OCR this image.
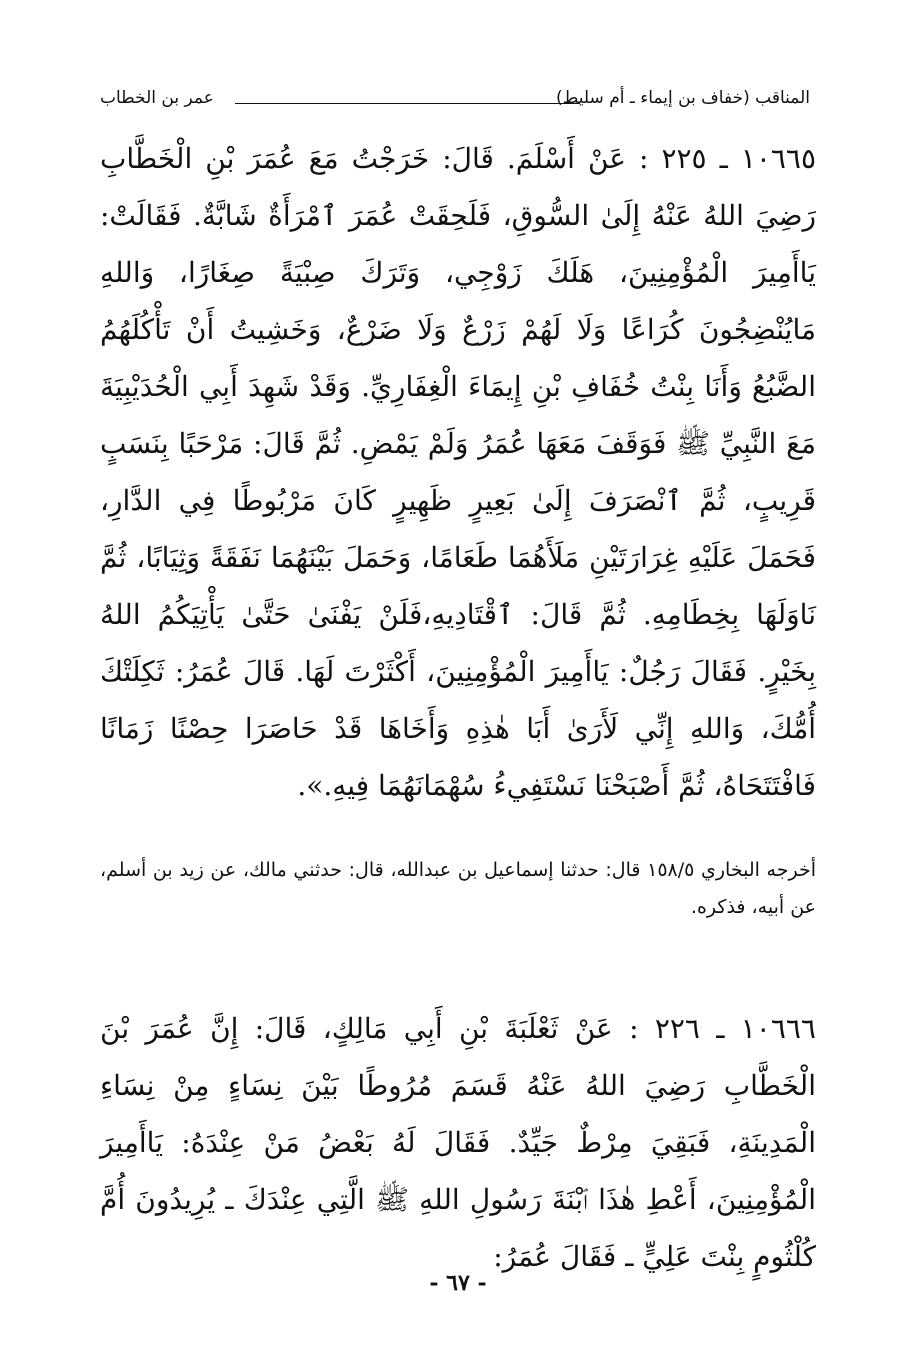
المناقب (خفاف بن إيماء ـ أم سليط)
عمر بن الخطاب
١٠٦٦٥ ـ ٢٢٥ : عَنْ أَسْلَمَ. قَالَ: خَرَجْتُ مَعَ عُمَرَ بْنِ الْخَطَّابِ رَضِيَ اللهُ عَنْهُ إِلَىٰ السُّوقِ، فَلَحِقَتْ عُمَرَ ٱمْرَأَةٌ شَابَّةٌ. فَقَالَتْ: يَاأَمِيرَ الْمُؤْمِنِينَ، هَلَكَ زَوْجِي، وَتَرَكَ صِبْيَةً صِغَارًا، وَاللهِ مَايُنْضِجُونَ كُرَاعًا وَلَا لَهُمْ زَرْعٌ وَلَا ضَرْعٌ، وَخَشِيتُ أَنْ تَأْكُلَهُمُ الضَّبُعُ وَأَنَا بِنْتُ خُفَافِ بْنِ إِيمَاءَ الْغِفَارِيِّ. وَقَدْ شَهِدَ أَبِي الْحُدَيْبِيَةَ مَعَ النَّبِيِّ ﷺ فَوَقَفَ مَعَهَا عُمَرُ وَلَمْ يَمْضِ. ثُمَّ قَالَ: مَرْحَبًا بِنَسَبٍ قَرِيبٍ، ثُمَّ ٱنْصَرَفَ إِلَىٰ بَعِيرٍ ظَهِيرٍ كَانَ مَرْبُوطًا فِي الدَّارِ، فَحَمَلَ عَلَيْهِ غِرَارَتَيْنِ مَلَأَهُمَا طَعَامًا، وَحَمَلَ بَيْنَهُمَا نَفَقَةً وَثِيَابًا، ثُمَّ نَاوَلَهَا بِخِطَامِهِ. ثُمَّ قَالَ: ٱقْتَادِيهِ،فَلَنْ يَفْنَىٰ حَتَّىٰ يَأْتِيَكُمُ اللهُ بِخَيْرٍ. فَقَالَ رَجُلٌ: يَاأَمِيرَ الْمُؤْمِنِينَ، أَكْثَرْتَ لَهَا. قَالَ عُمَرُ: ثَكِلَتْكَ أُمُّكَ، وَاللهِ إِنِّي لَأَرَىٰ أَبَا هٰذِهِ وَأَخَاهَا قَدْ حَاصَرَا حِصْنًا زَمَانًا فَافْتَتَحَاهُ، ثُمَّ أَصْبَحْنَا نَسْتَفِيءُ سُهْمَانَهُمَا فِيهِ.».
أخرجه البخاري ١٥٨/٥ قال: حدثنا إسماعيل بن عبدالله، قال: حدثني مالك، عن زيد بن أسلم، عن أبيه، فذكره.
١٠٦٦٦ ـ ٢٢٦ : عَنْ ثَعْلَبَةَ بْنِ أَبِي مَالِكٍ، قَالَ: إِنَّ عُمَرَ بْنَ الْخَطَّابِ رَضِيَ اللهُ عَنْهُ قَسَمَ مُرُوطًا بَيْنَ نِسَاءٍ مِنْ نِسَاءِ الْمَدِينَةِ، فَبَقِيَ مِرْطٌ جَيِّدٌ. فَقَالَ لَهُ بَعْضُ مَنْ عِنْدَهُ: يَاأَمِيرَ الْمُؤْمِنِينَ، أَعْطِ هٰذَا ٱبْنَةَ رَسُولِ اللهِ ﷺ الَّتِي عِنْدَكَ ـ يُرِيدُونَ أُمَّ كُلْثُومٍ بِنْتَ عَلِيٍّ ـ فَقَالَ عُمَرُ:
- ٦٧ -
